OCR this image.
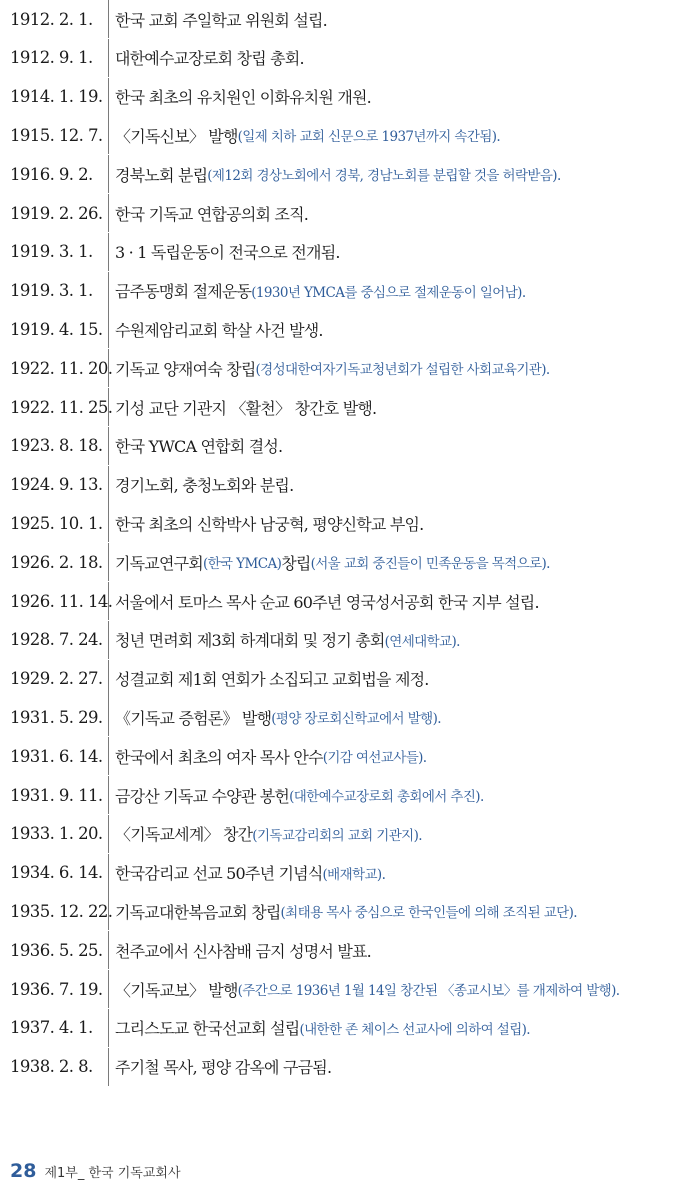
1912. 2. 1.	한국 교회 주일학교 위원회 설립.
1912. 9. 1.	대한예수교장로회 창립 총회.
1914. 1. 19. 한국 최초의 유치원인 이화유치원 개원.
1915. 12. 7. 〈기독신보〉 발행 (일제 치하 교회 신문으로 1937년까지 속간됨).
1916. 9. 2.	경북노회 분립 (제12회 경상노회에서 경북, 경남노회를 분립할 것을 허락받음).
1919. 2. 26. 한국 기독교 연합공의회 조직.
1919. 3. 1.	3 · 1 독립운동이 전국으로 전개됨.
1919. 3. 1.	금주동맹회 절제운동 (1930년 YMCA를 중심으로 절제운동이 일어남).
1919. 4. 15. 수원제암리교회 학살 사건 발생.
1922. 11. 20. 기독교 양재여숙 창립 (경성대한여자기독교청년회가 설립한 사회교육기관).
1922. 11. 25. 기성 교단 기관지 〈활천〉 창간호 발행.
1923. 8. 18. 한국 YWCA 연합회 결성.
1924. 9. 13. 경기노회, 충청노회와 분립.
1925. 10. 1. 한국 최초의 신학박사 남궁혁, 평양신학교 부임.
1926. 2. 18. 기독교연구회 (한국 YMCA) 창립 (서울 교회 중진들이 민족운동을 목적으로).
1926. 11. 14. 서울에서 토마스 목사 순교 60주년 영국성서공회 한국 지부 설립.
1928. 7. 24. 청년 면려회 제3회 하계대회 및 정기 총회 (연세대학교).
1929. 2. 27. 성결교회 제1회 연회가 소집되고 교회법을 제정.
1931. 5. 29. 《기독교 증험론》 발행 (평양 장로회신학교에서 발행).
1931. 6. 14. 한국에서 최초의 여자 목사 안수 (기감 여선교사들).
1931. 9. 11. 금강산 기독교 수양관 봉헌 (대한예수교장로회 총회에서 추진).
1933. 1. 20. 〈기독교세계〉 창간 (기독교감리회의 교회 기관지).
1934. 6. 14. 한국감리교 선교 50주년 기념식 (배재학교).
1935. 12. 22. 기독교대한복음교회 창립 (최태용 목사 중심으로 한국인들에 의해 조직된 교단).
1936. 5. 25. 천주교에서 신사참배 금지 성명서 발표.
1936. 7. 19. 〈기독교보〉 발행 (주간으로 1936년 1월 14일 창간된 〈종교시보〉를 개제하여 발행).
1937. 4. 1.	그리스도교 한국선교회 설립 (내한한 존 체이스 선교사에 의하여 설립).
1938. 2. 8.	주기철 목사, 평양 감옥에 구금됨.
28 제1부_ 한국 기독교회사
